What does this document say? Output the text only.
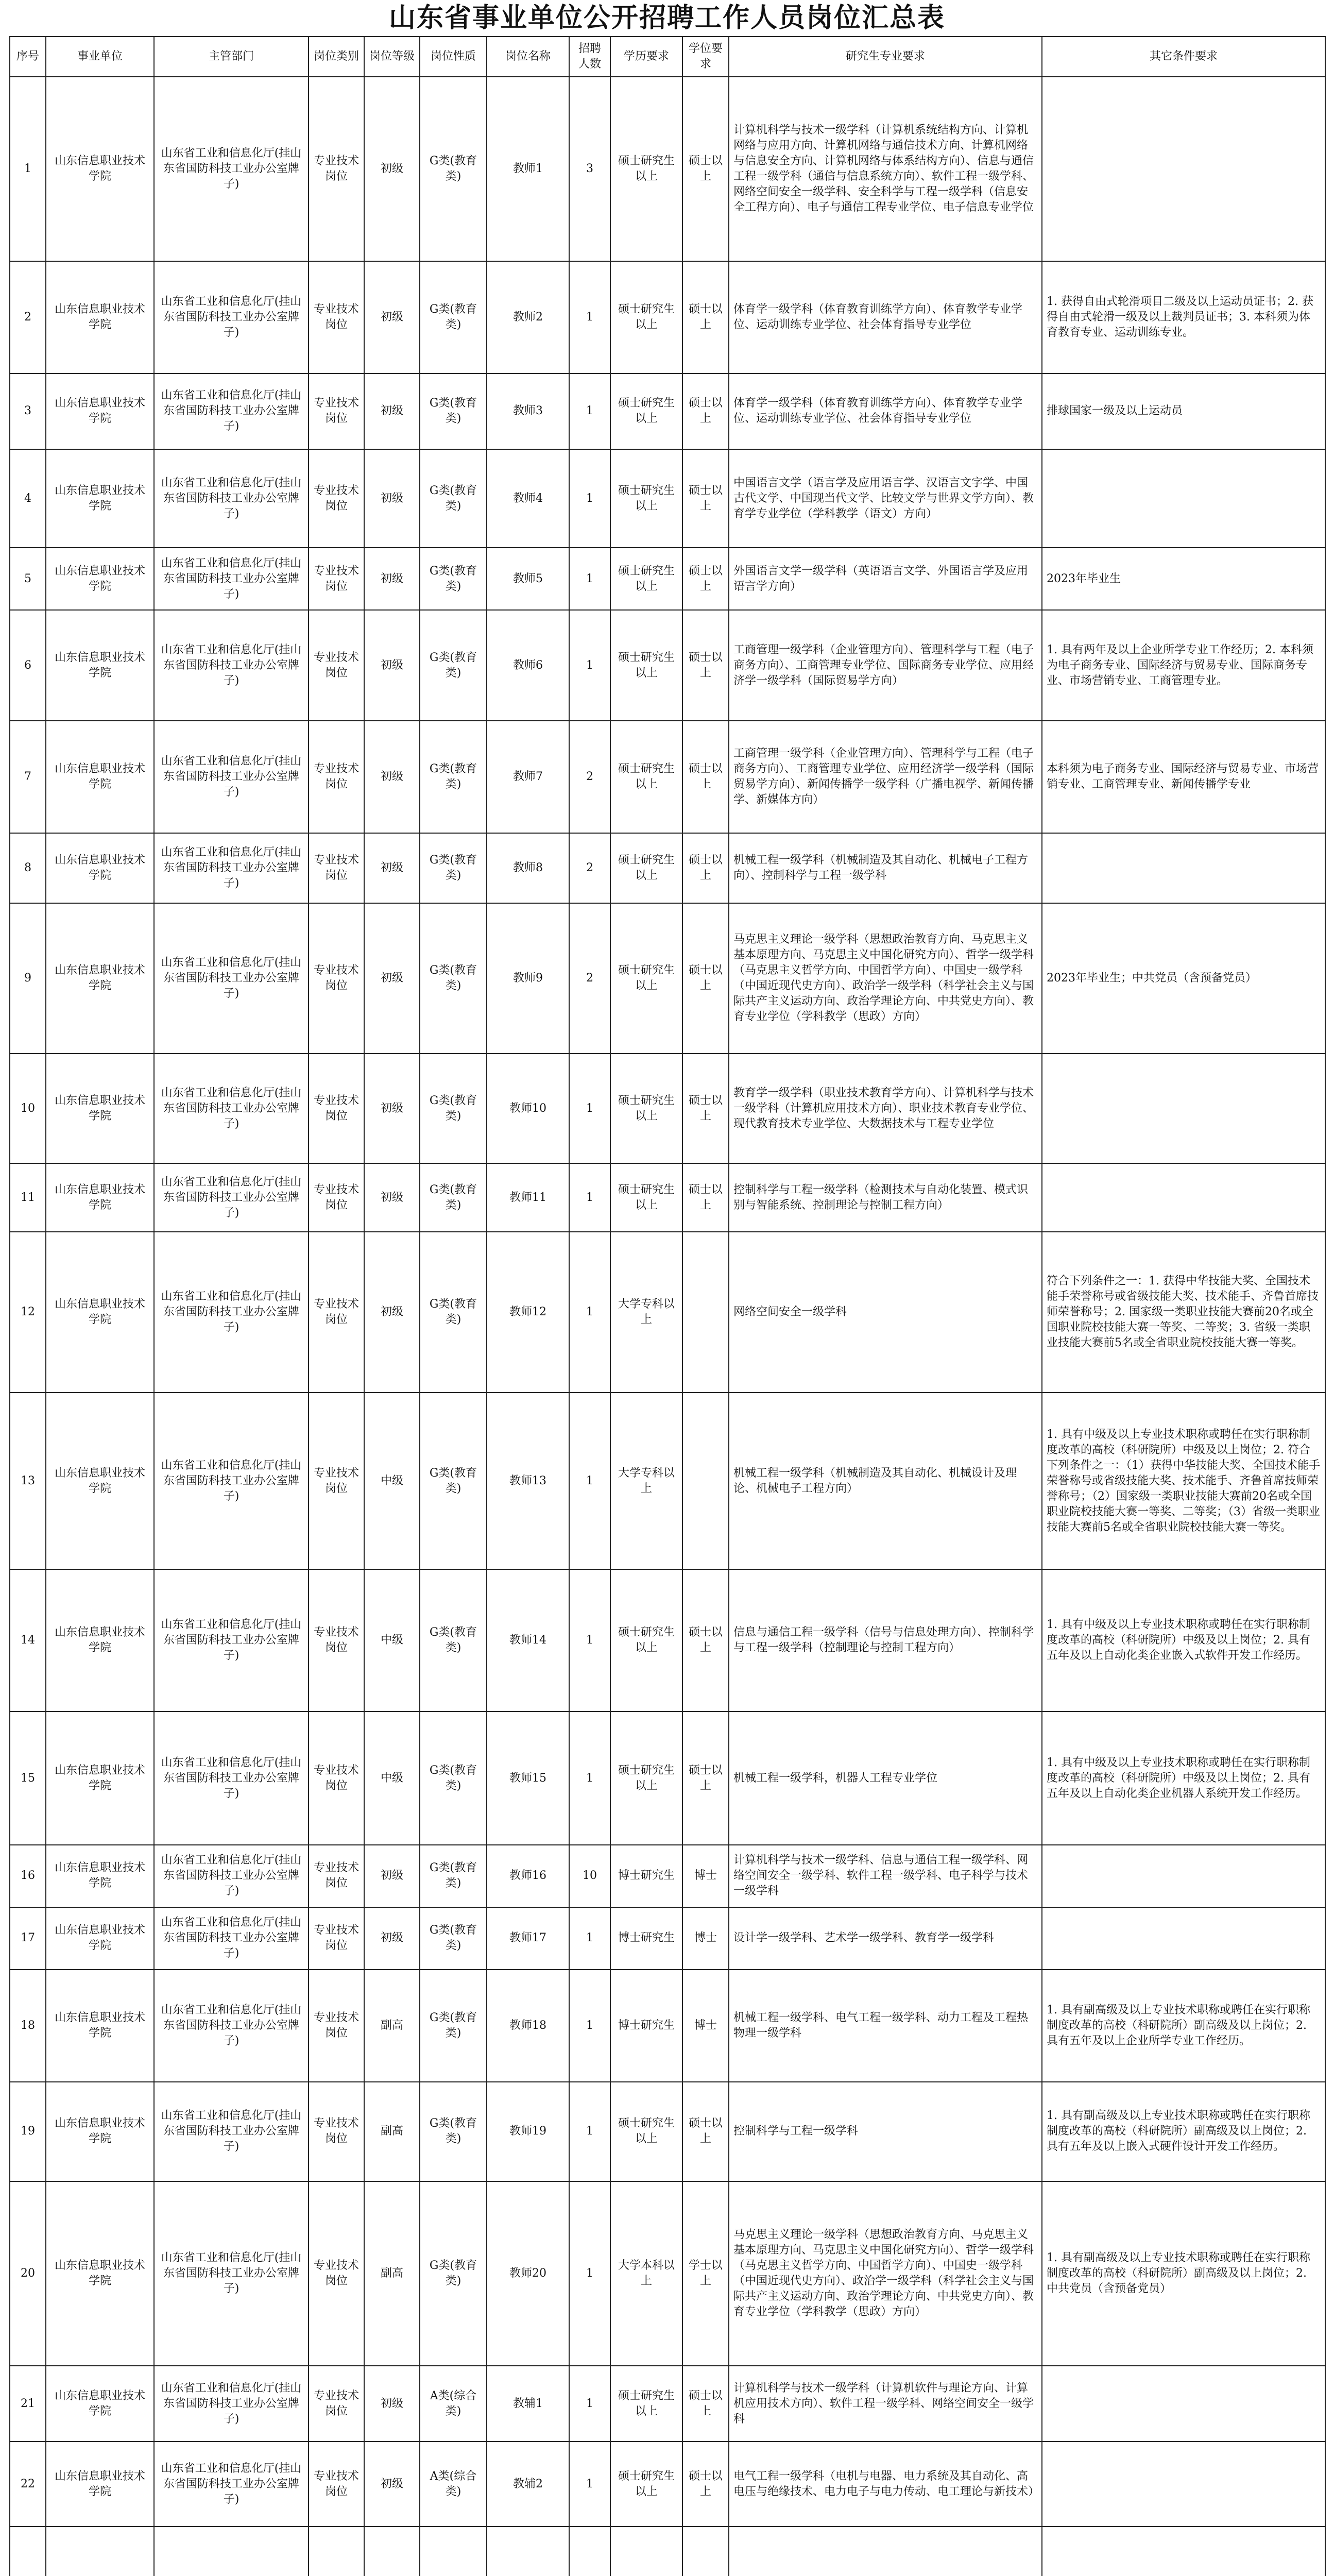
山东省事业单位公开招聘工作人员岗位汇总表
序号	事业单位	主管部门	岗位类别	岗位等级	岗位性质	岗位名称	招聘人数	学历要求	学位要求	研究生专业要求	其它条件要求
1	山东信息职业技术学院	山东省工业和信息化厅(挂山东省国防科技工业办公室牌子)	专业技术岗位	初级	G类(教育类)	教师1	3	硕士研究生以上	硕士以上	计算机科学与技术一级学科（计算机系统结构方向、计算机网络与应用方向、计算机网络与通信技术方向、计算机网络与信息安全方向、计算机网络与体系结构方向）、信息与通信工程一级学科（通信与信息系统方向）、软件工程一级学科、网络空间安全一级学科、安全科学与工程一级学科（信息安全工程方向）、电子与通信工程专业学位、电子信息专业学位	
2	山东信息职业技术学院	山东省工业和信息化厅(挂山东省国防科技工业办公室牌子)	专业技术岗位	初级	G类(教育类)	教师2	1	硕士研究生以上	硕士以上	体育学一级学科（体育教育训练学方向）、体育教学专业学位、运动训练专业学位、社会体育指导专业学位	1. 获得自由式轮滑项目二级及以上运动员证书；2. 获得自由式轮滑一级及以上裁判员证书；3. 本科须为体育教育专业、运动训练专业。
3	山东信息职业技术学院	山东省工业和信息化厅(挂山东省国防科技工业办公室牌子)	专业技术岗位	初级	G类(教育类)	教师3	1	硕士研究生以上	硕士以上	体育学一级学科（体育教育训练学方向）、体育教学专业学位、运动训练专业学位、社会体育指导专业学位	排球国家一级及以上运动员
4	山东信息职业技术学院	山东省工业和信息化厅(挂山东省国防科技工业办公室牌子)	专业技术岗位	初级	G类(教育类)	教师4	1	硕士研究生以上	硕士以上	中国语言文学（语言学及应用语言学、汉语言文字学、中国古代文学、中国现当代文学、比较文学与世界文学方向）、教育学专业学位（学科教学（语文）方向）	
5	山东信息职业技术学院	山东省工业和信息化厅(挂山东省国防科技工业办公室牌子)	专业技术岗位	初级	G类(教育类)	教师5	1	硕士研究生以上	硕士以上	外国语言文学一级学科（英语语言文学、外国语言学及应用语言学方向）	2023年毕业生
6	山东信息职业技术学院	山东省工业和信息化厅(挂山东省国防科技工业办公室牌子)	专业技术岗位	初级	G类(教育类)	教师6	1	硕士研究生以上	硕士以上	工商管理一级学科（企业管理方向）、管理科学与工程（电子商务方向）、工商管理专业学位、国际商务专业学位、应用经济学一级学科（国际贸易学方向）	1. 具有两年及以上企业所学专业工作经历；2. 本科须为电子商务专业、国际经济与贸易专业、国际商务专业、市场营销专业、工商管理专业。
7	山东信息职业技术学院	山东省工业和信息化厅(挂山东省国防科技工业办公室牌子)	专业技术岗位	初级	G类(教育类)	教师7	2	硕士研究生以上	硕士以上	工商管理一级学科（企业管理方向）、管理科学与工程（电子商务方向）、工商管理专业学位、应用经济学一级学科（国际贸易学方向）、新闻传播学一级学科（广播电视学、新闻传播学、新媒体方向）	本科须为电子商务专业、国际经济与贸易专业、市场营销专业、工商管理专业、新闻传播学专业
8	山东信息职业技术学院	山东省工业和信息化厅(挂山东省国防科技工业办公室牌子)	专业技术岗位	初级	G类(教育类)	教师8	2	硕士研究生以上	硕士以上	机械工程一级学科（机械制造及其自动化、机械电子工程方向）、控制科学与工程一级学科	
9	山东信息职业技术学院	山东省工业和信息化厅(挂山东省国防科技工业办公室牌子)	专业技术岗位	初级	G类(教育类)	教师9	2	硕士研究生以上	硕士以上	马克思主义理论一级学科（思想政治教育方向、马克思主义基本原理方向、马克思主义中国化研究方向）、哲学一级学科（马克思主义哲学方向、中国哲学方向）、中国史一级学科（中国近现代史方向）、政治学一级学科（科学社会主义与国际共产主义运动方向、政治学理论方向、中共党史方向）、教育专业学位（学科教学（思政）方向）	2023年毕业生；中共党员（含预备党员）
10	山东信息职业技术学院	山东省工业和信息化厅(挂山东省国防科技工业办公室牌子)	专业技术岗位	初级	G类(教育类)	教师10	1	硕士研究生以上	硕士以上	教育学一级学科（职业技术教育学方向）、计算机科学与技术一级学科（计算机应用技术方向）、职业技术教育专业学位、现代教育技术专业学位、大数据技术与工程专业学位	
11	山东信息职业技术学院	山东省工业和信息化厅(挂山东省国防科技工业办公室牌子)	专业技术岗位	初级	G类(教育类)	教师11	1	硕士研究生以上	硕士以上	控制科学与工程一级学科（检测技术与自动化装置、模式识别与智能系统、控制理论与控制工程方向）	
12	山东信息职业技术学院	山东省工业和信息化厅(挂山东省国防科技工业办公室牌子)	专业技术岗位	初级	G类(教育类)	教师12	1	大学专科以上		网络空间安全一级学科	符合下列条件之一：1. 获得中华技能大奖、全国技术能手荣誉称号或省级技能大奖、技术能手、齐鲁首席技师荣誉称号；2. 国家级一类职业技能大赛前20名或全国职业院校技能大赛一等奖、二等奖；3. 省级一类职业技能大赛前5名或全省职业院校技能大赛一等奖。
13	山东信息职业技术学院	山东省工业和信息化厅(挂山东省国防科技工业办公室牌子)	专业技术岗位	中级	G类(教育类)	教师13	1	大学专科以上		机械工程一级学科（机械制造及其自动化、机械设计及理论、机械电子工程方向）	1. 具有中级及以上专业技术职称或聘任在实行职称制度改革的高校（科研院所）中级及以上岗位；2. 符合下列条件之一：（1）获得中华技能大奖、全国技术能手荣誉称号或省级技能大奖、技术能手、齐鲁首席技师荣誉称号；（2）国家级一类职业技能大赛前20名或全国职业院校技能大赛一等奖、二等奖；（3）省级一类职业技能大赛前5名或全省职业院校技能大赛一等奖。
14	山东信息职业技术学院	山东省工业和信息化厅(挂山东省国防科技工业办公室牌子)	专业技术岗位	中级	G类(教育类)	教师14	1	硕士研究生以上	硕士以上	信息与通信工程一级学科（信号与信息处理方向）、控制科学与工程一级学科（控制理论与控制工程方向）	1. 具有中级及以上专业技术职称或聘任在实行职称制度改革的高校（科研院所）中级及以上岗位；2. 具有五年及以上自动化类企业嵌入式软件开发工作经历。
15	山东信息职业技术学院	山东省工业和信息化厅(挂山东省国防科技工业办公室牌子)	专业技术岗位	中级	G类(教育类)	教师15	1	硕士研究生以上	硕士以上	机械工程一级学科，机器人工程专业学位	1. 具有中级及以上专业技术职称或聘任在实行职称制度改革的高校（科研院所）中级及以上岗位；2. 具有五年及以上自动化类企业机器人系统开发工作经历。
16	山东信息职业技术学院	山东省工业和信息化厅(挂山东省国防科技工业办公室牌子)	专业技术岗位	初级	G类(教育类)	教师16	10	博士研究生	博士	计算机科学与技术一级学科、信息与通信工程一级学科、网络空间安全一级学科、软件工程一级学科、电子科学与技术一级学科	
17	山东信息职业技术学院	山东省工业和信息化厅(挂山东省国防科技工业办公室牌子)	专业技术岗位	初级	G类(教育类)	教师17	1	博士研究生	博士	设计学一级学科、艺术学一级学科、教育学一级学科	
18	山东信息职业技术学院	山东省工业和信息化厅(挂山东省国防科技工业办公室牌子)	专业技术岗位	副高	G类(教育类)	教师18	1	博士研究生	博士	机械工程一级学科、电气工程一级学科、动力工程及工程热物理一级学科	1. 具有副高级及以上专业技术职称或聘任在实行职称制度改革的高校（科研院所）副高级及以上岗位；2. 具有五年及以上企业所学专业工作经历。
19	山东信息职业技术学院	山东省工业和信息化厅(挂山东省国防科技工业办公室牌子)	专业技术岗位	副高	G类(教育类)	教师19	1	硕士研究生以上	硕士以上	控制科学与工程一级学科	1. 具有副高级及以上专业技术职称或聘任在实行职称制度改革的高校（科研院所）副高级及以上岗位；2. 具有五年及以上嵌入式硬件设计开发工作经历。
20	山东信息职业技术学院	山东省工业和信息化厅(挂山东省国防科技工业办公室牌子)	专业技术岗位	副高	G类(教育类)	教师20	1	大学本科以上	学士以上	马克思主义理论一级学科（思想政治教育方向、马克思主义基本原理方向、马克思主义中国化研究方向）、哲学一级学科（马克思主义哲学方向、中国哲学方向）、中国史一级学科（中国近现代史方向）、政治学一级学科（科学社会主义与国际共产主义运动方向、政治学理论方向、中共党史方向）、教育专业学位（学科教学（思政）方向）	1. 具有副高级及以上专业技术职称或聘任在实行职称制度改革的高校（科研院所）副高级及以上岗位；2. 中共党员（含预备党员）
21	山东信息职业技术学院	山东省工业和信息化厅(挂山东省国防科技工业办公室牌子)	专业技术岗位	初级	A类(综合类)	教辅1	1	硕士研究生以上	硕士以上	计算机科学与技术一级学科（计算机软件与理论方向、计算机应用技术方向）、软件工程一级学科、网络空间安全一级学科	
22	山东信息职业技术学院	山东省工业和信息化厅(挂山东省国防科技工业办公室牌子)	专业技术岗位	初级	A类(综合类)	教辅2	1	硕士研究生以上	硕士以上	电气工程一级学科（电机与电器、电力系统及其自动化、高电压与绝缘技术、电力电子与电力传动、电工理论与新技术）	
